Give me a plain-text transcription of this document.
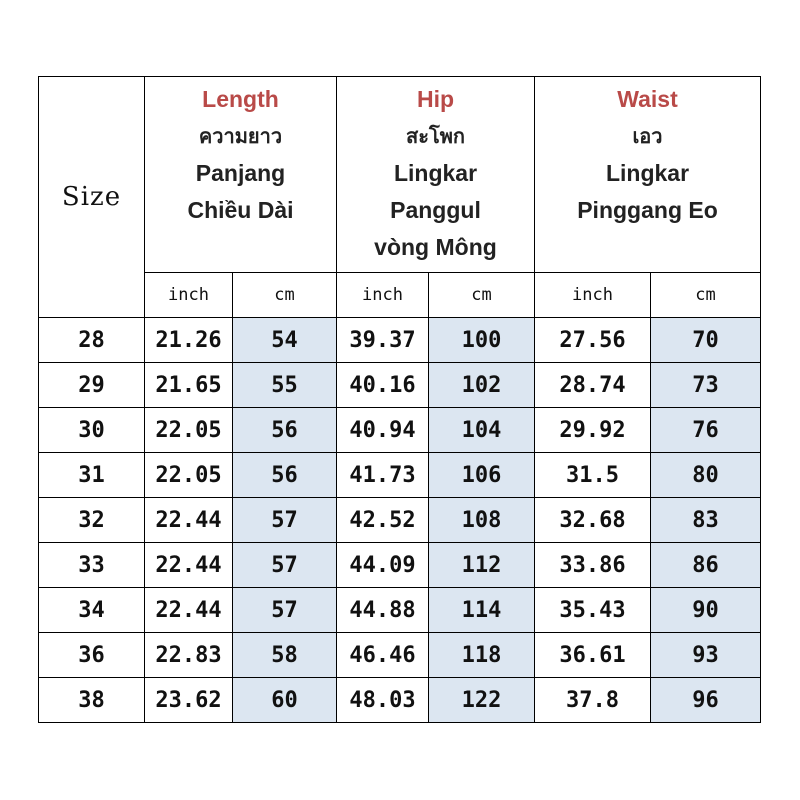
Size	Length
ความยาว
Panjang
Chiều Dài		Hip
สะโพก
Lingkar
Panggul
vòng Mông		Waist
เอว
Lingkar
Pinggang Eo	

	inch	cm	inch	cm	inch	cm
28	21.26	54	39.37	100	27.56	70
29	21.65	55	40.16	102	28.74	73
30	22.05	56	40.94	104	29.92	76
31	22.05	56	41.73	106	31.5	80
32	22.44	57	42.52	108	32.68	83
33	22.44	57	44.09	112	33.86	86
34	22.44	57	44.88	114	35.43	90
36	22.83	58	46.46	118	36.61	93
38	23.62	60	48.03	122	37.8	96
